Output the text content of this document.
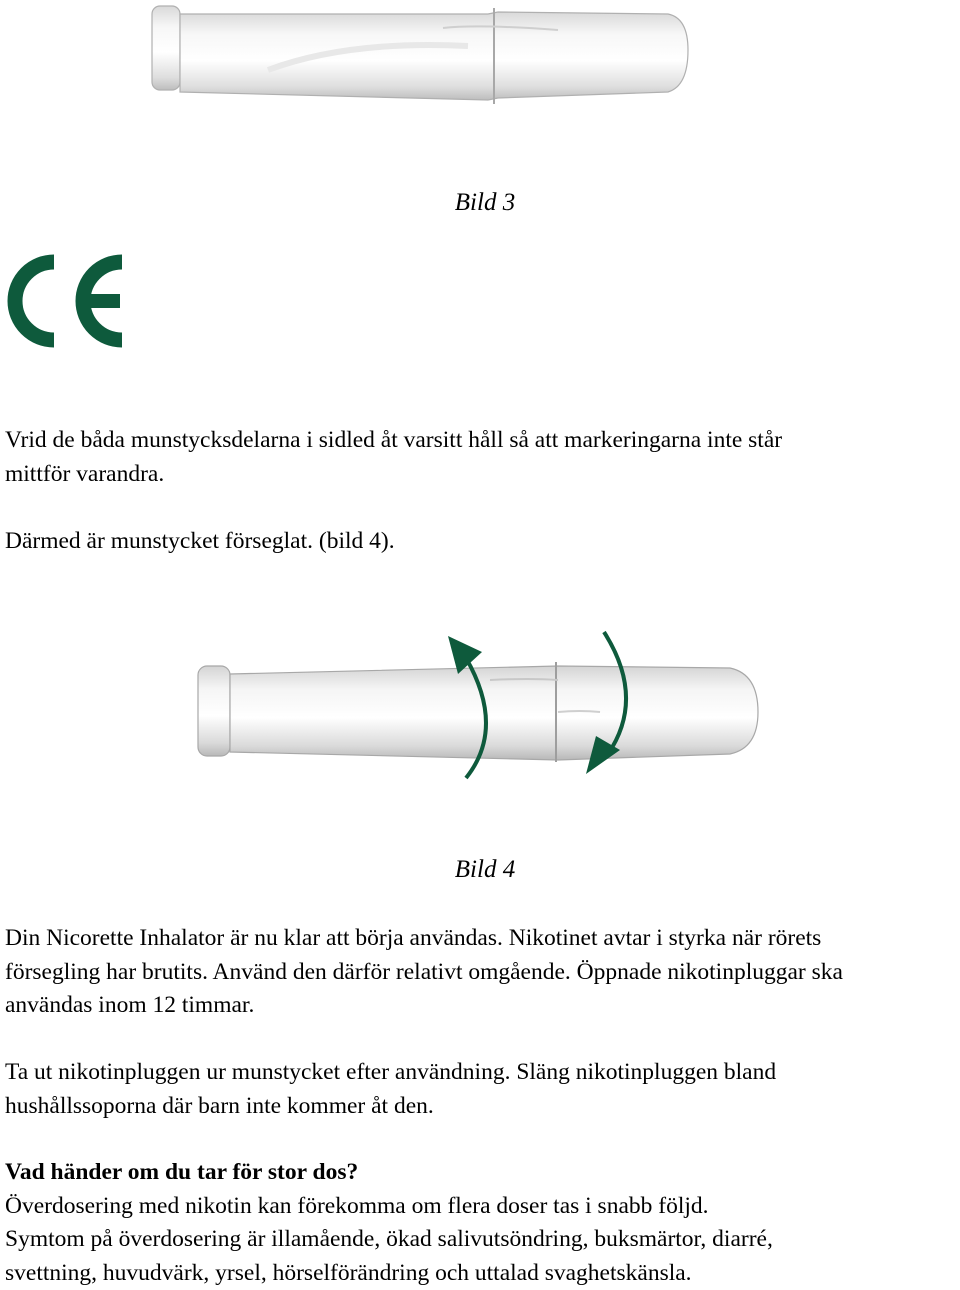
Bild 3
Vrid de båda munstycksdelarna i sidled åt varsitt håll så att markeringarna inte står
mittför varandra.
Därmed är munstycket förseglat. (bild 4).
Bild 4
Din Nicorette Inhalator är nu klar att börja användas. Nikotinet avtar i styrka när rörets
försegling har brutits. Använd den därför relativt omgående. Öppnade nikotinpluggar ska
användas inom 12 timmar.
Ta ut nikotinpluggen ur munstycket efter användning. Släng nikotinpluggen bland
hushållssoporna där barn inte kommer åt den.
Vad händer om du tar för stor dos?
Överdosering med nikotin kan förekomma om flera doser tas i snabb följd.
Symtom på överdosering är illamående, ökad salivutsöndring, buksmärtor, diarré,
svettning, huvudvärk, yrsel, hörselförändring och uttalad svaghetskänsla.
